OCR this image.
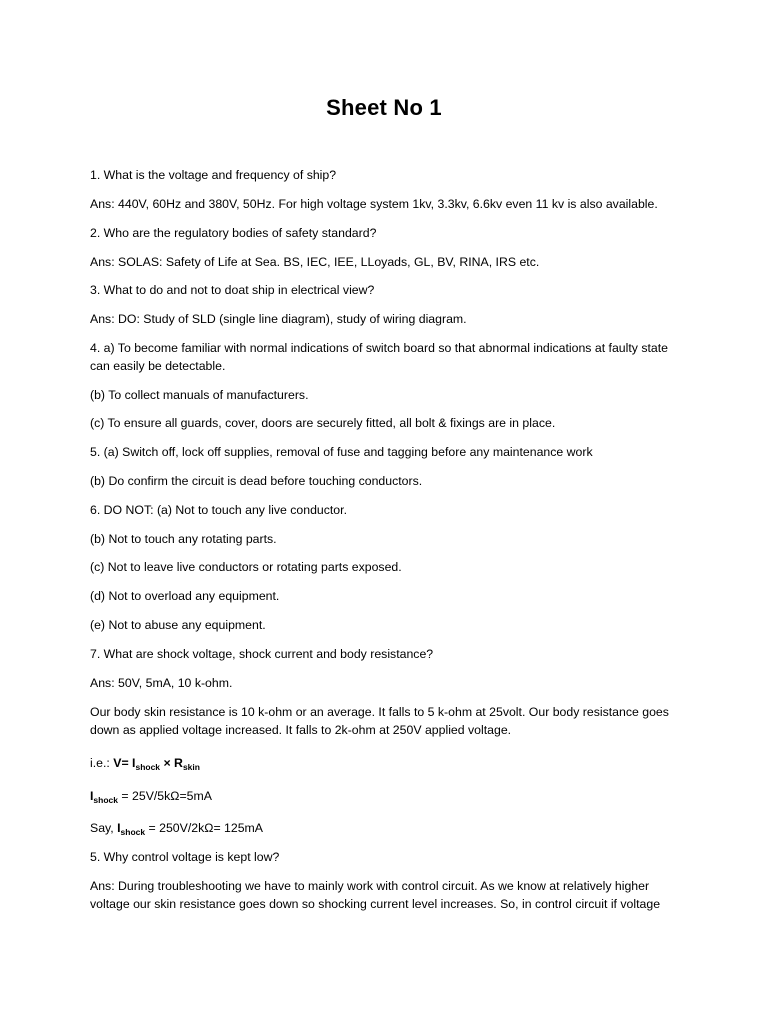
Sheet No 1
1. What is the voltage and frequency of ship?
Ans: 440V, 60Hz and 380V, 50Hz. For high voltage system 1kv, 3.3kv, 6.6kv even 11 kv is also available.
2. Who are the regulatory bodies of safety standard?
Ans: SOLAS: Safety of Life at Sea. BS, IEC, IEE, LLoyads, GL, BV, RINA, IRS etc.
3. What to do and not to doat ship in electrical view?
Ans: DO: Study of SLD (single line diagram), study of wiring diagram.
4. a) To become familiar with normal indications of switch board so that abnormal indications at faulty state can easily be detectable.
(b) To collect manuals of manufacturers.
(c) To ensure all guards, cover, doors are securely fitted, all bolt & fixings are in place.
5. (a) Switch off, lock off supplies, removal of fuse and tagging before any maintenance work
(b) Do confirm the circuit is dead before touching conductors.
6. DO NOT: (a) Not to touch any live conductor.
(b) Not to touch any rotating parts.
(c) Not to leave live conductors or rotating parts exposed.
(d) Not to overload any equipment.
(e) Not to abuse any equipment.
7. What are shock voltage, shock current and body resistance?
Ans: 50V, 5mA, 10 k-ohm.
Our body skin resistance is 10 k-ohm or an average. It falls to 5 k-ohm at 25volt. Our body resistance goes down as applied voltage increased. It falls to 2k-ohm at 250V applied voltage.
i.e.: $V= I_{shock} \times R_{skin}$
$I_{shock} = 25V/5k\Omega=5mA$
Say, $I_{shock} = 250V/2k\Omega= 125mA$
5. Why control voltage is kept low?
Ans: During troubleshooting we have to mainly work with control circuit. As we know at relatively higher voltage our skin resistance goes down so shocking current level increases. So, in control circuit if voltage
